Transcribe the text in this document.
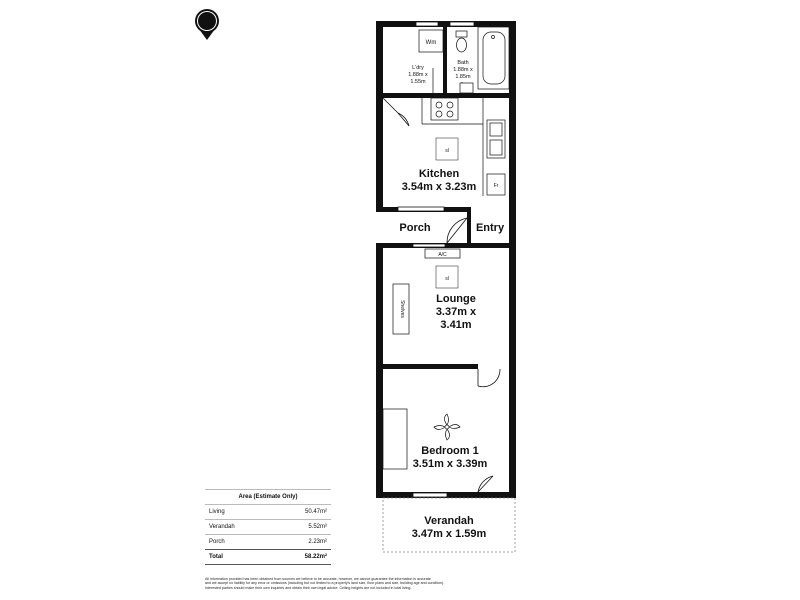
N
North
Wm
Fr
sl
A/C
sl
Shelves
L'dry
1.88m x
1.55m
Bath
1.88m x
1.85m
Kitchen
3.54m x 3.23m
Porch	Entry
Lounge
3.37m x
3.41m
Bedroom 1
3.51m x 3.39m
Verandah
3.47m x 1.59m
Area (Estimate Only)	
Living	50.47m²
Verandah	5.52m²
Porch	2.23m²
Total	58.22m²
All information provided has been obtained from sources we believe to be accurate, however, we cannot guarantee the information is accurate
and we accept no liability for any error or omissions (including but not limited to a property's land size, floor plans and size, building age and condition).
Interested parties should make their own inquiries and obtain their own legal advice. Ceiling heights are not included in total living.
